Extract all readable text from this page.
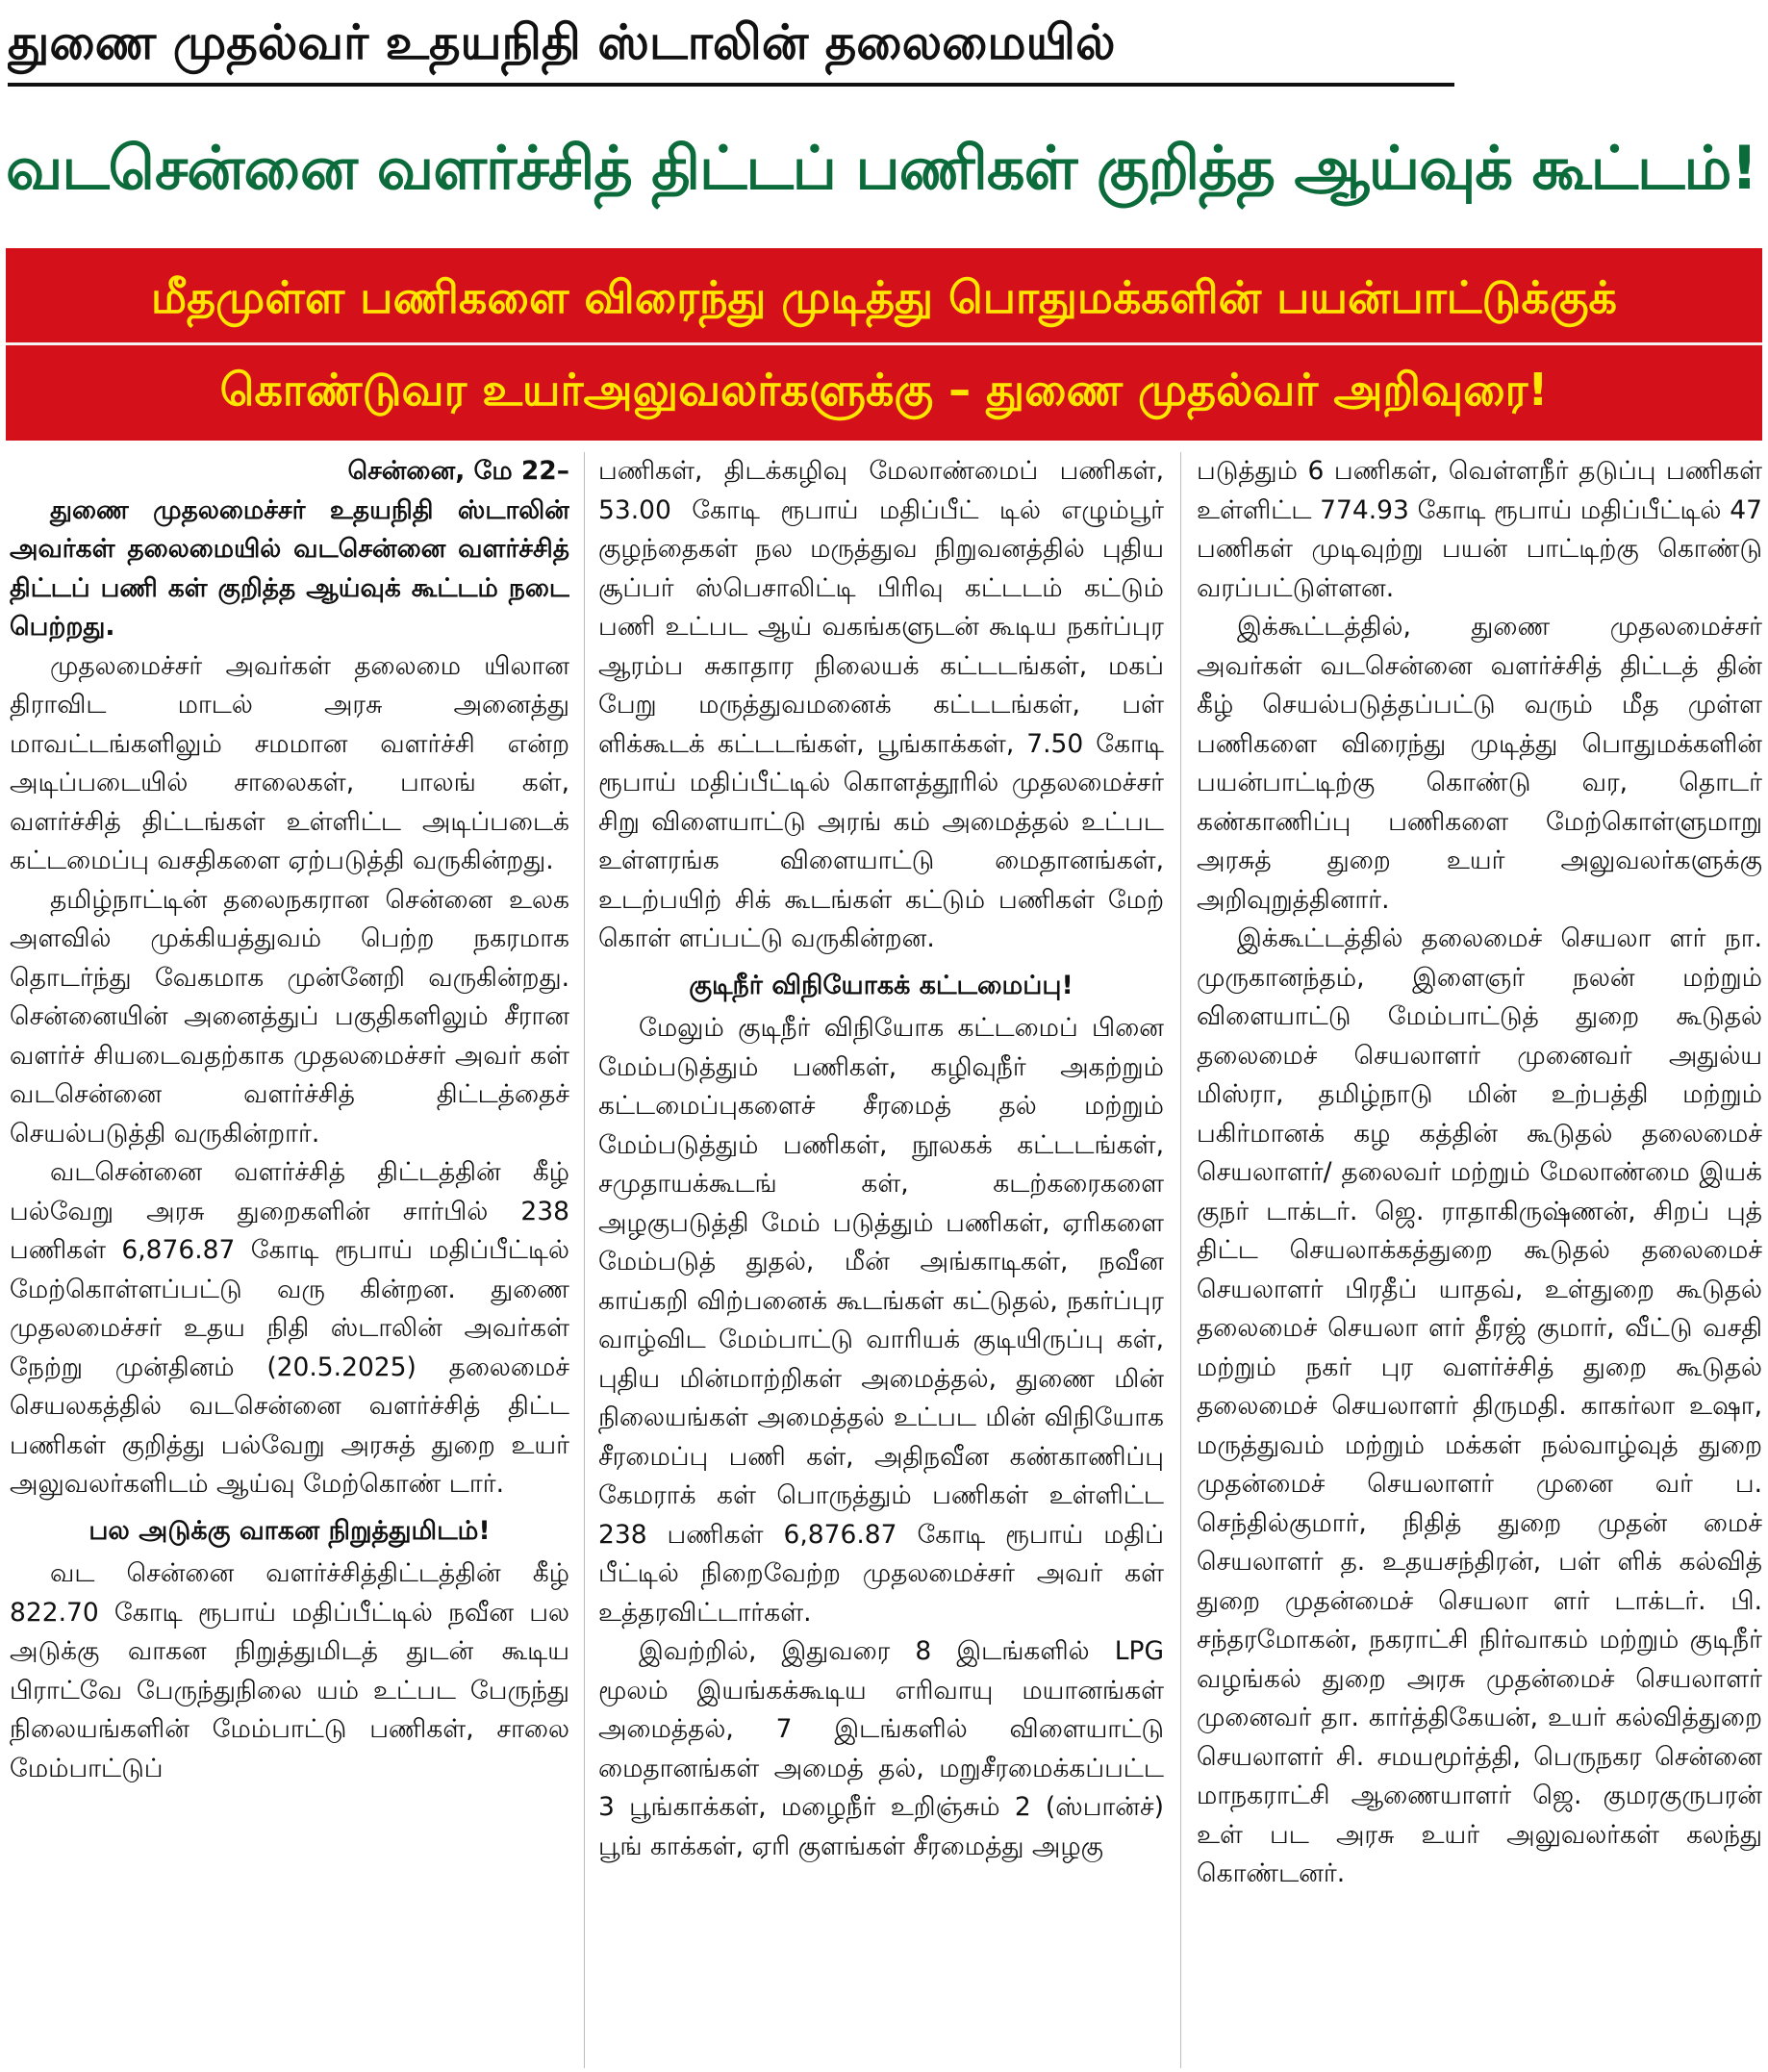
துணை முதல்வர் உதயநிதி ஸ்டாலின் தலைமையில்
வடசென்னை வளர்ச்சித் திட்டப் பணிகள் குறித்த ஆய்வுக் கூட்டம்!
மீதமுள்ள பணிகளை விரைந்து முடித்து பொதுமக்களின் பயன்பாட்டுக்குக்
கொண்டுவர உயர்அலுவலர்களுக்கு – துணை முதல்வர் அறிவுரை!

சென்னை, மே 22–

துணை முதலமைச்சர் உதயநிதி ஸ்டாலின் அவர்கள் தலைமையில் வடசென்னை வளர்ச்சித் திட்டப் பணி கள் குறித்த ஆய்வுக் கூட்டம் நடை பெற்றது.

முதலமைச்சர் அவர்கள் தலைமை யிலான திராவிட மாடல் அரசு அனைத்து மாவட்டங்களிலும் சமமான வளர்ச்சி என்ற அடிப்படையில் சாலைகள், பாலங் கள், வளர்ச்சித் திட்டங்கள் உள்ளிட்ட அடிப்படைக் கட்டமைப்பு வசதிகளை ஏற்படுத்தி வருகின்றது.

தமிழ்நாட்டின் தலைநகரான சென்னை உலக அளவில் முக்கியத்துவம் பெற்ற நகரமாக தொடர்ந்து வேகமாக முன்னேறி வருகின்றது. சென்னையின் அனைத்துப் பகுதிகளிலும் சீரான வளர்ச் சியடைவதற்காக முதலமைச்சர் அவர் கள் வடசென்னை வளர்ச்சித் திட்டத்தைச் செயல்படுத்தி வருகின்றார்.

வடசென்னை வளர்ச்சித் திட்டத்தின் கீழ் பல்வேறு அரசு துறைகளின் சார்பில் 238 பணிகள் 6,876.87 கோடி ரூபாய் மதிப்பீட்டில் மேற்கொள்ளப்பட்டு வரு கின்றன. துணை முதலமைச்சர் உதய நிதி ஸ்டாலின் அவர்கள் நேற்று முன்தினம் (20.5.2025) தலைமைச் செயலகத்தில் வடசென்னை வளர்ச்சித் திட்ட பணிகள் குறித்து பல்வேறு அரசுத் துறை உயர் அலுவலர்களிடம் ஆய்வு மேற்கொண் டார்.

பல அடுக்கு வாகன நிறுத்துமிடம்!

வட சென்னை வளர்ச்சித்திட்டத்தின் கீழ் 822.70 கோடி ரூபாய் மதிப்பீட்டில் நவீன பல அடுக்கு வாகன நிறுத்துமிடத் துடன் கூடிய பிராட்வே பேருந்துநிலை யம் உட்பட பேருந்து நிலையங்களின் மேம்பாட்டு பணிகள், சாலை மேம்பாட்டுப்

பணிகள், திடக்கழிவு மேலாண்மைப் பணிகள், 53.00 கோடி ரூபாய் மதிப்பீட் டில் எழும்பூர் குழந்தைகள் நல மருத்துவ நிறுவனத்தில் புதிய சூப்பர் ஸ்பெசாலிட்டி பிரிவு கட்டடம் கட்டும் பணி உட்பட ஆய் வகங்களுடன் கூடிய நகர்ப்புர ஆரம்ப சுகாதார நிலையக் கட்டடங்கள், மகப் பேறு மருத்துவமனைக் கட்டடங்கள், பள் ளிக்கூடக் கட்டடங்கள், பூங்காக்கள், 7.50 கோடி ரூபாய் மதிப்பீட்டில் கொளத்தூரில் முதலமைச்சர் சிறு விளையாட்டு அரங் கம் அமைத்தல் உட்பட உள்ளரங்க விளையாட்டு மைதானங்கள், உடற்பயிற் சிக் கூடங்கள் கட்டும் பணிகள் மேற் கொள் ளப்பட்டு வருகின்றன.

குடிநீர் விநியோகக் கட்டமைப்பு!

மேலும் குடிநீர் விநியோக கட்டமைப் பினை மேம்படுத்தும் பணிகள், கழிவுநீர் அகற்றும் கட்டமைப்புகளைச் சீரமைத் தல் மற்றும் மேம்படுத்தும் பணிகள், நூலகக் கட்டடங்கள், சமுதாயக்கூடங் கள், கடற்கரைகளை அழகுபடுத்தி மேம் படுத்தும் பணிகள், ஏரிகளை மேம்படுத் துதல், மீன் அங்காடிகள், நவீன காய்கறி விற்பனைக் கூடங்கள் கட்டுதல், நகர்ப்புர வாழ்விட மேம்பாட்டு வாரியக் குடியிருப்பு கள், புதிய மின்மாற்றிகள் அமைத்தல், துணை மின் நிலையங்கள் அமைத்தல் உட்பட மின் விநியோக சீரமைப்பு பணி கள், அதிநவீன கண்காணிப்பு கேமராக் கள் பொருத்தும் பணிகள் உள்ளிட்ட 238 பணிகள் 6,876.87 கோடி ரூபாய் மதிப் பீட்டில் நிறைவேற்ற முதலமைச்சர் அவர் கள் உத்தரவிட்டார்கள்.

இவற்றில், இதுவரை 8 இடங்களில் LPG மூலம் இயங்கக்கூடிய எரிவாயு மயானங்கள் அமைத்தல், 7 இடங்களில் விளையாட்டு மைதானங்கள் அமைத் தல், மறுசீரமைக்கப்பட்ட 3 பூங்காக்கள், மழைநீர் உறிஞ்சும் 2 (ஸ்பான்ச்) பூங் காக்கள், ஏரி குளங்கள் சீரமைத்து அழகு

படுத்தும் 6 பணிகள், வெள்ளநீர் தடுப்பு பணிகள் உள்ளிட்ட 774.93 கோடி ரூபாய் மதிப்பீட்டில் 47 பணிகள் முடிவுற்று பயன் பாட்டிற்கு கொண்டு வரப்பட்டுள்ளன.

இக்கூட்டத்தில், துணை முதலமைச்சர் அவர்கள் வடசென்னை வளர்ச்சித் திட்டத் தின் கீழ் செயல்படுத்தப்பட்டு வரும் மீத முள்ள பணிகளை விரைந்து முடித்து பொதுமக்களின் பயன்பாட்டிற்கு கொண்டு வர, தொடர் கண்காணிப்பு பணிகளை மேற்கொள்ளுமாறு அரசுத் துறை உயர் அலுவலர்களுக்கு அறிவுறுத்தினார்.

இக்கூட்டத்தில் தலைமைச் செயலா ளர் நா. முருகானந்தம், இளைஞர் நலன் மற்றும் விளையாட்டு மேம்பாட்டுத் துறை கூடுதல் தலைமைச் செயலாளர் முனைவர் அதுல்ய மிஸ்ரா, தமிழ்நாடு மின் உற்பத்தி மற்றும் பகிர்மானக் கழ கத்தின் கூடுதல் தலைமைச் செயலாளர்/ தலைவர் மற்றும் மேலாண்மை இயக் குநர் டாக்டர். ஜெ. ராதாகிருஷ்ணன், சிறப் புத் திட்ட செயலாக்கத்துறை கூடுதல் தலைமைச் செயலாளர் பிரதீப் யாதவ், உள்துறை கூடுதல் தலைமைச் செயலா ளர் தீரஜ் குமார், வீட்டு வசதி மற்றும் நகர் புர வளர்ச்சித் துறை கூடுதல் தலைமைச் செயலாளர் திருமதி. காகர்லா உஷா, மருத்துவம் மற்றும் மக்கள் நல்வாழ்வுத் துறை முதன்மைச் செயலாளர் முனை வர் ப. செந்தில்குமார், நிதித் துறை முதன் மைச் செயலாளர் த. உதயசந்திரன், பள் ளிக் கல்வித் துறை முதன்மைச் செயலா ளர் டாக்டர். பி. சந்தரமோகன், நகராட்சி நிர்வாகம் மற்றும் குடிநீர் வழங்கல் துறை அரசு முதன்மைச் செயலாளர் முனைவர் தா. கார்த்திகேயன், உயர் கல்வித்துறை செயலாளர் சி. சமயமூர்த்தி, பெருநகர சென்னை மாநகராட்சி ஆணையாளர் ஜெ. குமரகுருபரன் உள் பட அரசு உயர் அலுவலர்கள் கலந்து கொண்டனர்.
